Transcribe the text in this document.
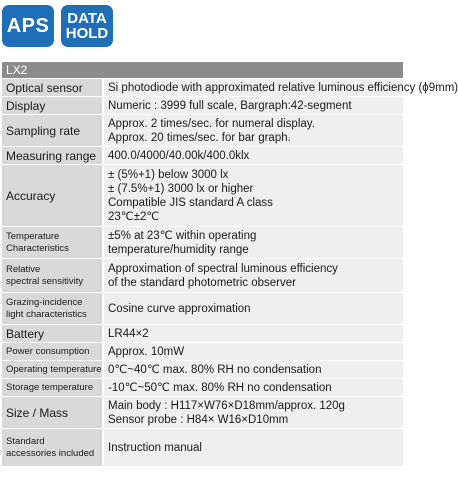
APS DATA
HOLD
LX2	

Optical sensor	Si photodiode with approximated relative luminous efficiency (ϕ9mm)

Display	Numeric : 3999 full scale, Bargraph:42-segment

Sampling rate	Approx. 2 times/sec. for numeral display.
Approx. 20 times/sec. for bar graph.

Measuring range	400.0/4000/40.00k/400.0klx

Accuracy	± (5%+1) below 3000 lx
± (7.5%+1) 3000 lx or higher
Compatible JIS standard A class
23℃±2℃

Temperature
Characteristics	±5% at 23℃ within operating
temperature/humidity range

Relative
spectral sensitivity	Approximation of spectral luminous efficiency
of the standard photometric observer

Grazing-incidence
light characteristics	Cosine curve approximation

Battery	LR44×2

Power consumption	Approx. 10mW

Operating temperature	0℃~40℃ max. 80% RH no condensation

Storage temperature	-10℃~50℃ max. 80% RH no condensation

Size / Mass	Main body : H117×W76×D18mm/approx. 120g
Sensor probe : H84× W16×D10mm

Standard
accessories included	Instruction manual
